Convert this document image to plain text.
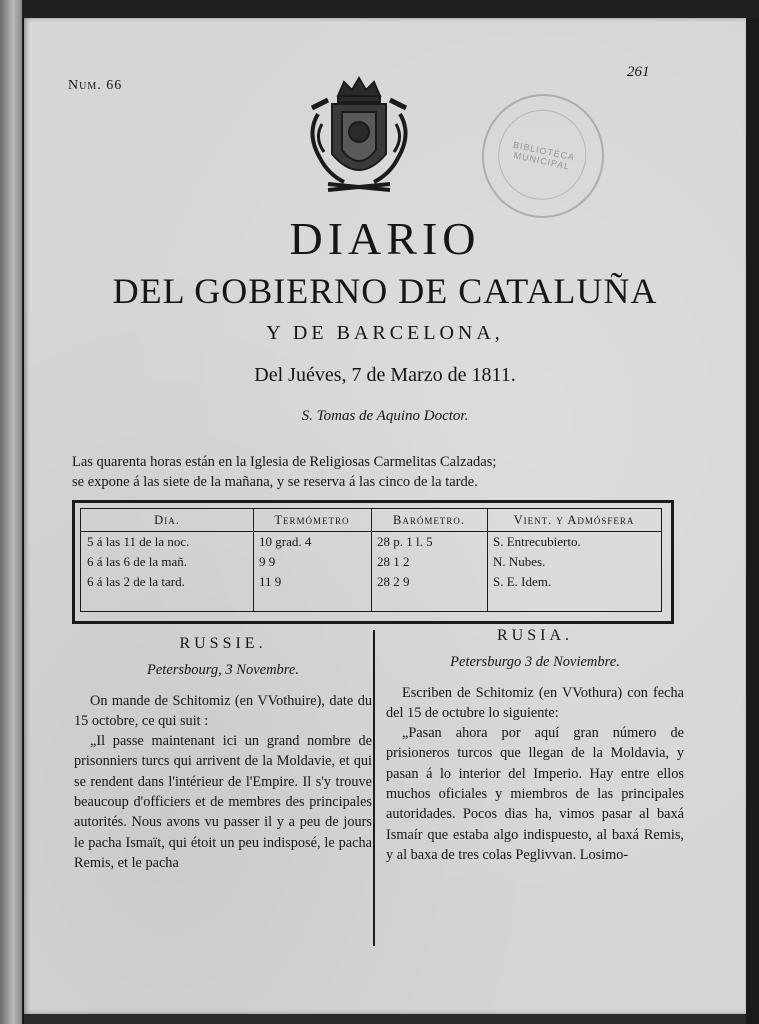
Num. 66
261
BIBLIOTECA MUNICIPAL
DIARIO
DEL GOBIERNO DE CATALUÑA
Y DE BARCELONA,
Del Juéves, 7 de Marzo de 1811.
S. Tomas de Aquino Doctor.

Las quarenta horas están en la Iglesia de Religiosas Carmelitas Calzadas;

se expone á las siete de la mañana, y se reserva á las cinco de la tarde.

Dia.
5 á las 11 de la noc.
6 á las 6 de la mañ.
6 á las 2 de la tard.
Termómetro
10 grad. 4
9 9
11 9
Barómetro.
28 p. 1 l. 5
28 1 2
28 2 9
Vient. y Admósfera
S. Entrecubierto.
N. Nubes.
S. E. Idem.

RUSSIE.

Petersbourg, 3 Novembre.

On mande de Schitomiz (en VVothuire), date du 15 octobre, ce qui suit :

„Il passe maintenant ici un grand nombre de prisonniers turcs qui arrivent de la Moldavie, et qui se rendent dans l'intérieur de l'Empire. Il s'y trouve beaucoup d'officiers et de membres des principales autorités. Nous avons vu passer il y a peu de jours le pacha Ismaït, qui étoit un peu indisposé, le pacha Remis, et le pacha

RUSIA.

Petersburgo 3 de Noviembre.

Escriben de Schitomiz (en VVothura) con fecha del 15 de octubre lo siguiente:

„Pasan ahora por aquí gran número de prisioneros turcos que llegan de la Moldavia, y pasan á lo interior del Imperio. Hay entre ellos muchos oficiales y miembros de las principales autoridades. Pocos dias ha, vimos pasar al baxá Ismaír que estaba algo indispuesto, al baxá Remis, y al baxa de tres colas Peglivvan. Losimo-
